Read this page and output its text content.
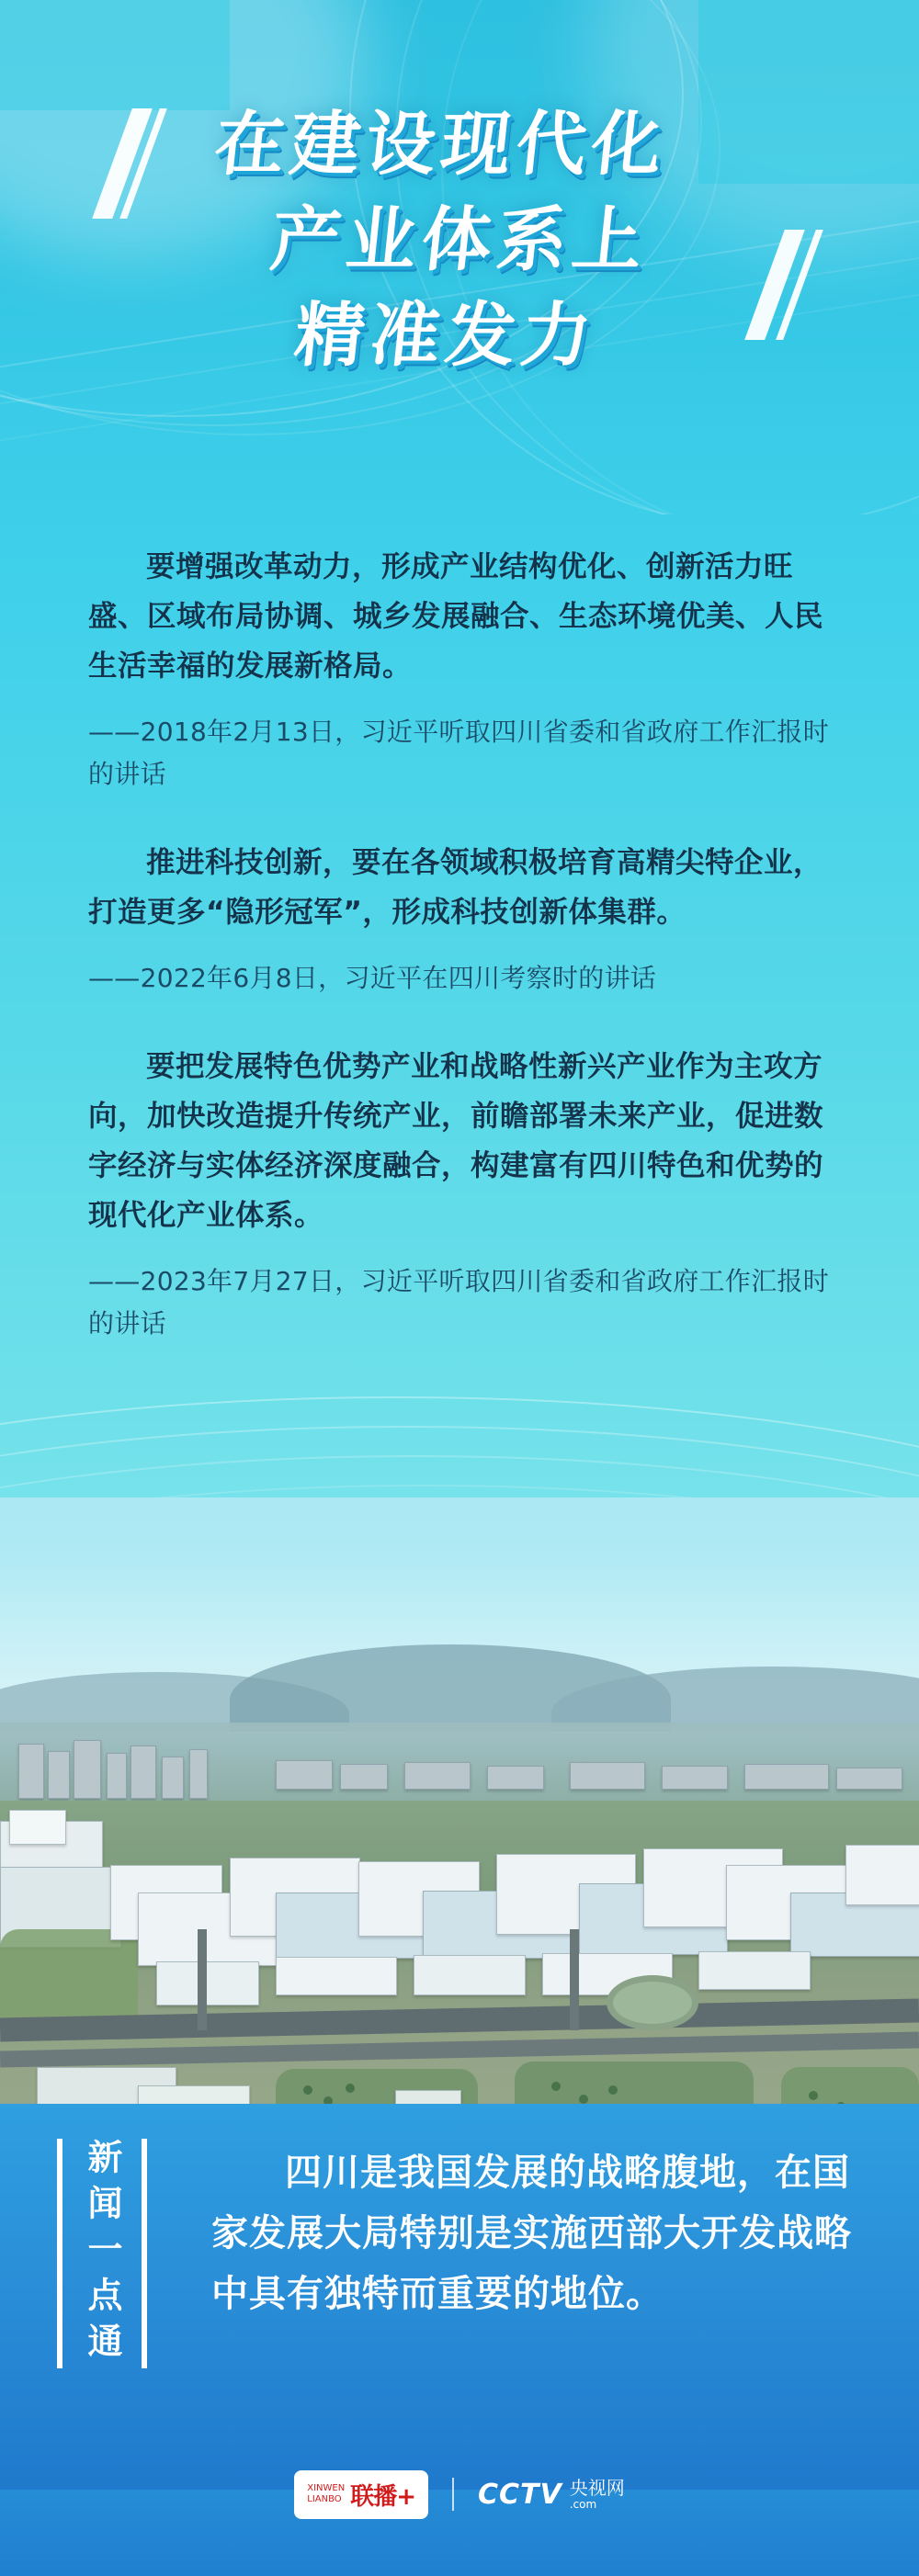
在建设现代化
产业体系上
精准发力

要增强改革动力，形成产业结构优化、创新活力旺盛、区域布局协调、城乡发展融合、生态环境优美、人民生活幸福的发展新格局。

——2018年2月13日，习近平听取四川省委和省政府工作汇报时的讲话

推进科技创新，要在各领域积极培育高精尖特企业，打造更多“隐形冠军”，形成科技创新体集群。

——2022年6月8日，习近平在四川考察时的讲话

要把发展特色优势产业和战略性新兴产业作为主攻方向，加快改造提升传统产业，前瞻部署未来产业，促进数字经济与实体经济深度融合，构建富有四川特色和优势的现代化产业体系。

——2023年7月27日，习近平听取四川省委和省政府工作汇报时的讲话
新闻一点通	四川是我国发展的战略腹地，在国家发展大局特别是实施西部大开发战略中具有独特而重要的地位。
XINWEN
LIANBO 联播+ CCTV 央视网
.com
